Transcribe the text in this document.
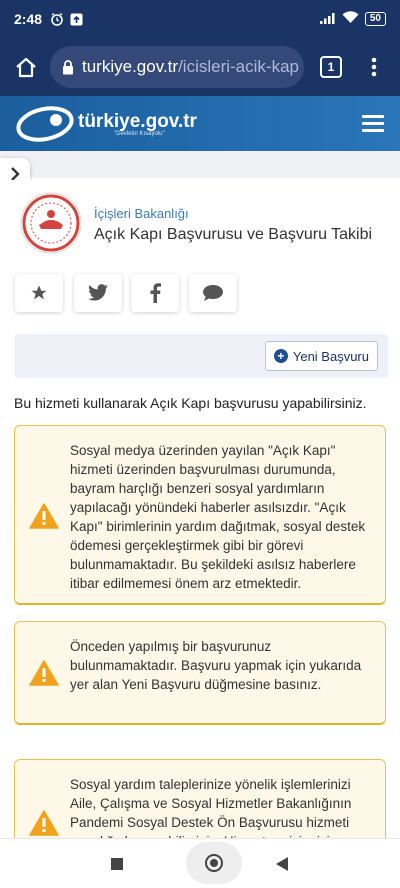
2:48	50
turkiye.gov.tr /icisleri-acik-kap	1
türkiye.gov.tr
"Devletin Kısayolu"
İçişleri Bakanlığı
Açık Kapı Başvurusu ve Başvuru Takibi
+ Yeni Başvuru
Bu hizmeti kullanarak Açık Kapı başvurusu yapabilirsiniz.
Sosyal medya üzerinden yayılan "Açık Kapı" hizmeti üzerinden başvurulması durumunda, bayram harçlığı benzeri sosyal yardımların yapılacağı yönündeki haberler asılsızdır. "Açık Kapı" birimlerinin yardım dağıtmak, sosyal destek ödemesi gerçekleştirmek gibi bir görevi bulunmamaktadır. Bu şekildeki asılsız haberlere itibar edilmemesi önem arz etmektedir.
Önceden yapılmış bir başvurunuz bulunmamaktadır. Başvuru yapmak için yukarıda yer alan Yeni Başvuru düğmesine basınız.
Sosyal yardım taleplerinize yönelik işlemlerinizi Aile, Çalışma ve Sosyal Hizmetler Bakanlığının Pandemi Sosyal Destek Ön Başvurusu hizmeti
